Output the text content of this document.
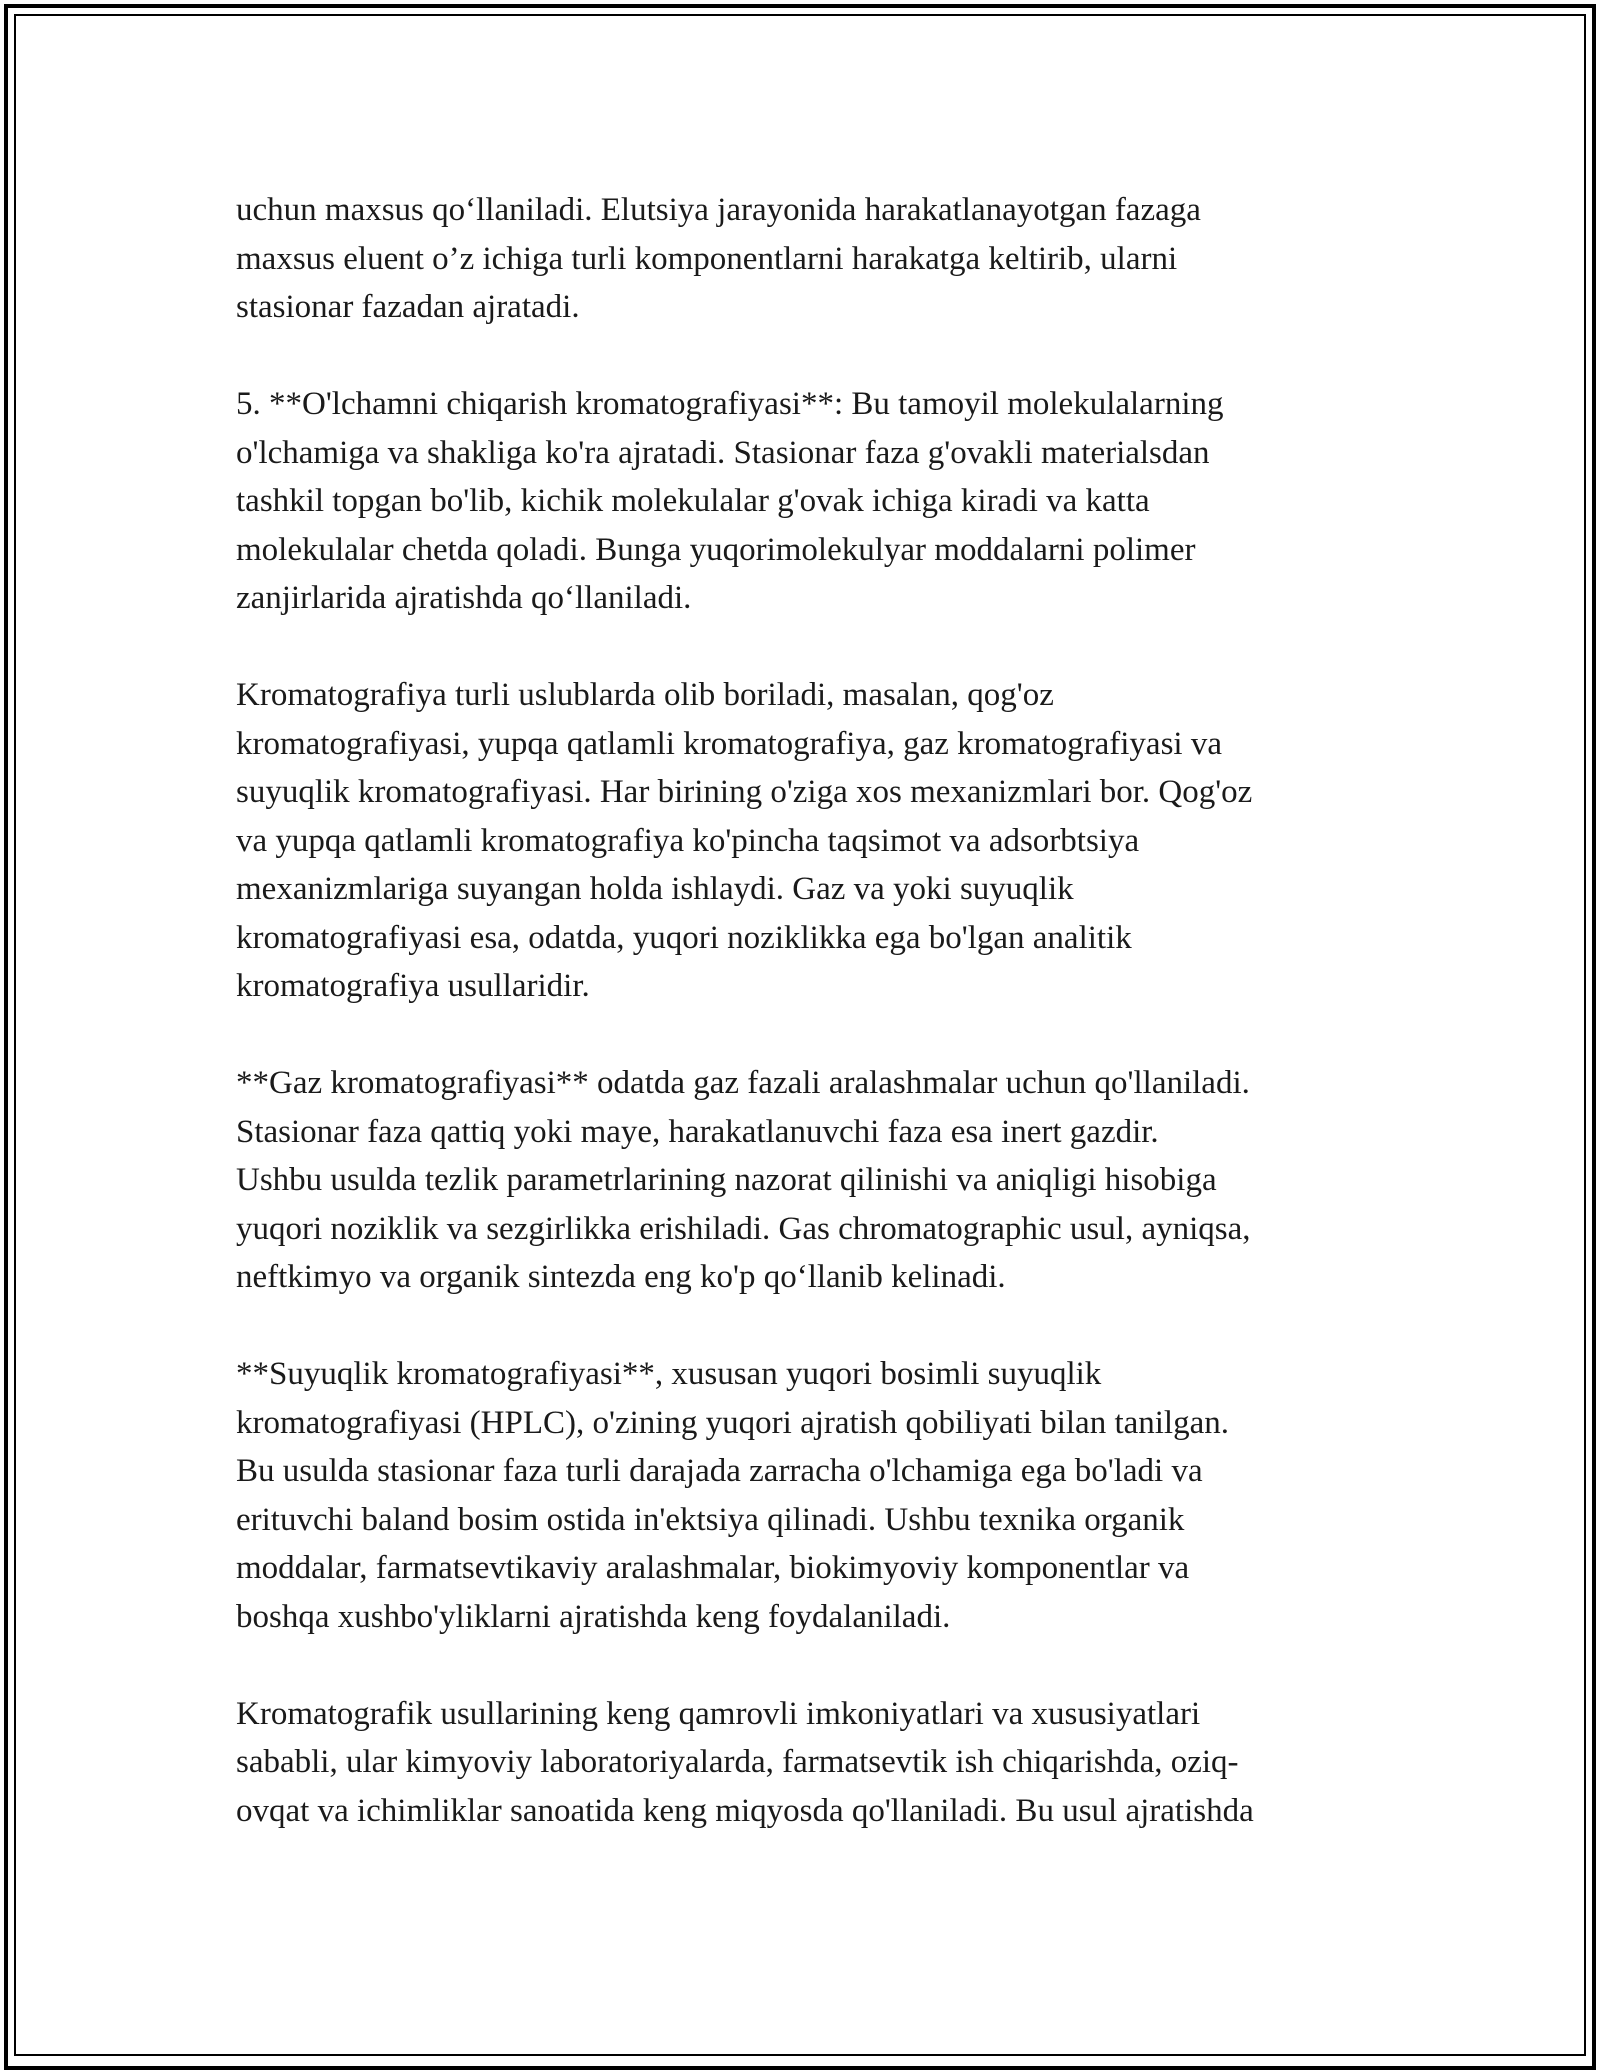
uchun maxsus qo‘llaniladi. Elutsiya jarayonida harakatlanayotgan fazaga
maxsus eluent o’z ichiga turli komponentlarni harakatga keltirib, ularni
stasionar fazadan ajratadi.

5. **O'lchamni chiqarish kromatografiyasi**: Bu tamoyil molekulalarning
o'lchamiga va shakliga ko'ra ajratadi. Stasionar faza g'ovakli materialsdan
tashkil topgan bo'lib, kichik molekulalar g'ovak ichiga kiradi va katta
molekulalar chetda qoladi. Bunga yuqorimolekulyar moddalarni polimer
zanjirlarida ajratishda qo‘llaniladi.

Kromatografiya turli uslublarda olib boriladi, masalan, qog'oz
kromatografiyasi, yupqa qatlamli kromatografiya, gaz kromatografiyasi va
suyuqlik kromatografiyasi. Har birining o'ziga xos mexanizmlari bor. Qog'oz
va yupqa qatlamli kromatografiya ko'pincha taqsimot va adsorbtsiya
mexanizmlariga suyangan holda ishlaydi. Gaz va yoki suyuqlik
kromatografiyasi esa, odatda, yuqori noziklikka ega bo'lgan analitik
kromatografiya usullaridir.

**Gaz kromatografiyasi** odatda gaz fazali aralashmalar uchun qo'llaniladi.
Stasionar faza qattiq yoki maye, harakatlanuvchi faza esa inert gazdir.
Ushbu usulda tezlik parametrlarining nazorat qilinishi va aniqligi hisobiga
yuqori noziklik va sezgirlikka erishiladi. Gas chromatographic usul, ayniqsa,
neftkimyo va organik sintezda eng ko'p qo‘llanib kelinadi.

**Suyuqlik kromatografiyasi**, xususan yuqori bosimli suyuqlik
kromatografiyasi (HPLC), o'zining yuqori ajratish qobiliyati bilan tanilgan.
Bu usulda stasionar faza turli darajada zarracha o'lchamiga ega bo'ladi va
erituvchi baland bosim ostida in'ektsiya qilinadi. Ushbu texnika organik
moddalar, farmatsevtikaviy aralashmalar, biokimyoviy komponentlar va
boshqa xushbo'yliklarni ajratishda keng foydalaniladi.

Kromatografik usullarining keng qamrovli imkoniyatlari va xususiyatlari
sababli, ular kimyoviy laboratoriyalarda, farmatsevtik ish chiqarishda, oziq-
ovqat va ichimliklar sanoatida keng miqyosda qo'llaniladi. Bu usul ajratishda
